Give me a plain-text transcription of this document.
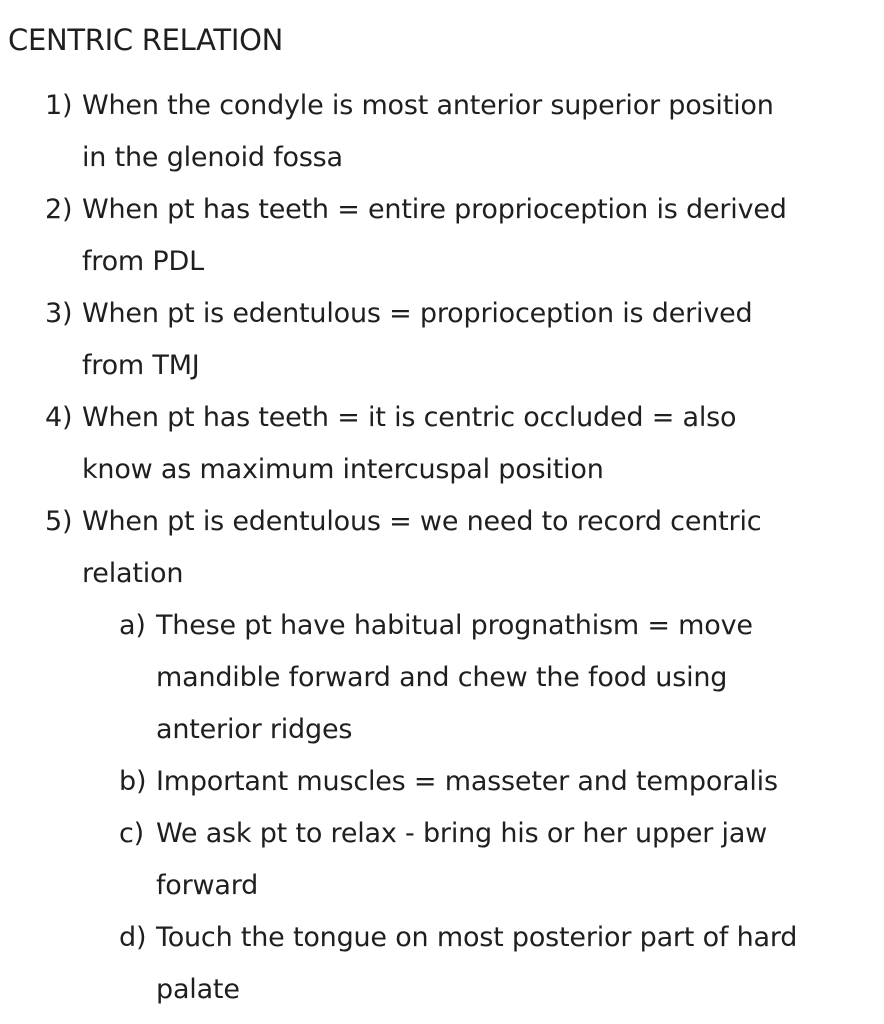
CENTRIC RELATION
1) When the condyle is most anterior superior position
in the glenoid fossa
2) When pt has teeth = entire proprioception is derived
from PDL
3) When pt is edentulous = proprioception is derived
from TMJ
4) When pt has teeth = it is centric occluded = also
know as maximum intercuspal position
5) When pt is edentulous = we need to record centric
relation
a) These pt have habitual prognathism = move
mandible forward and chew the food using
anterior ridges
b) Important muscles = masseter and temporalis
c) We ask pt to relax - bring his or her upper jaw
forward
d) Touch the tongue on most posterior part of hard
palate
